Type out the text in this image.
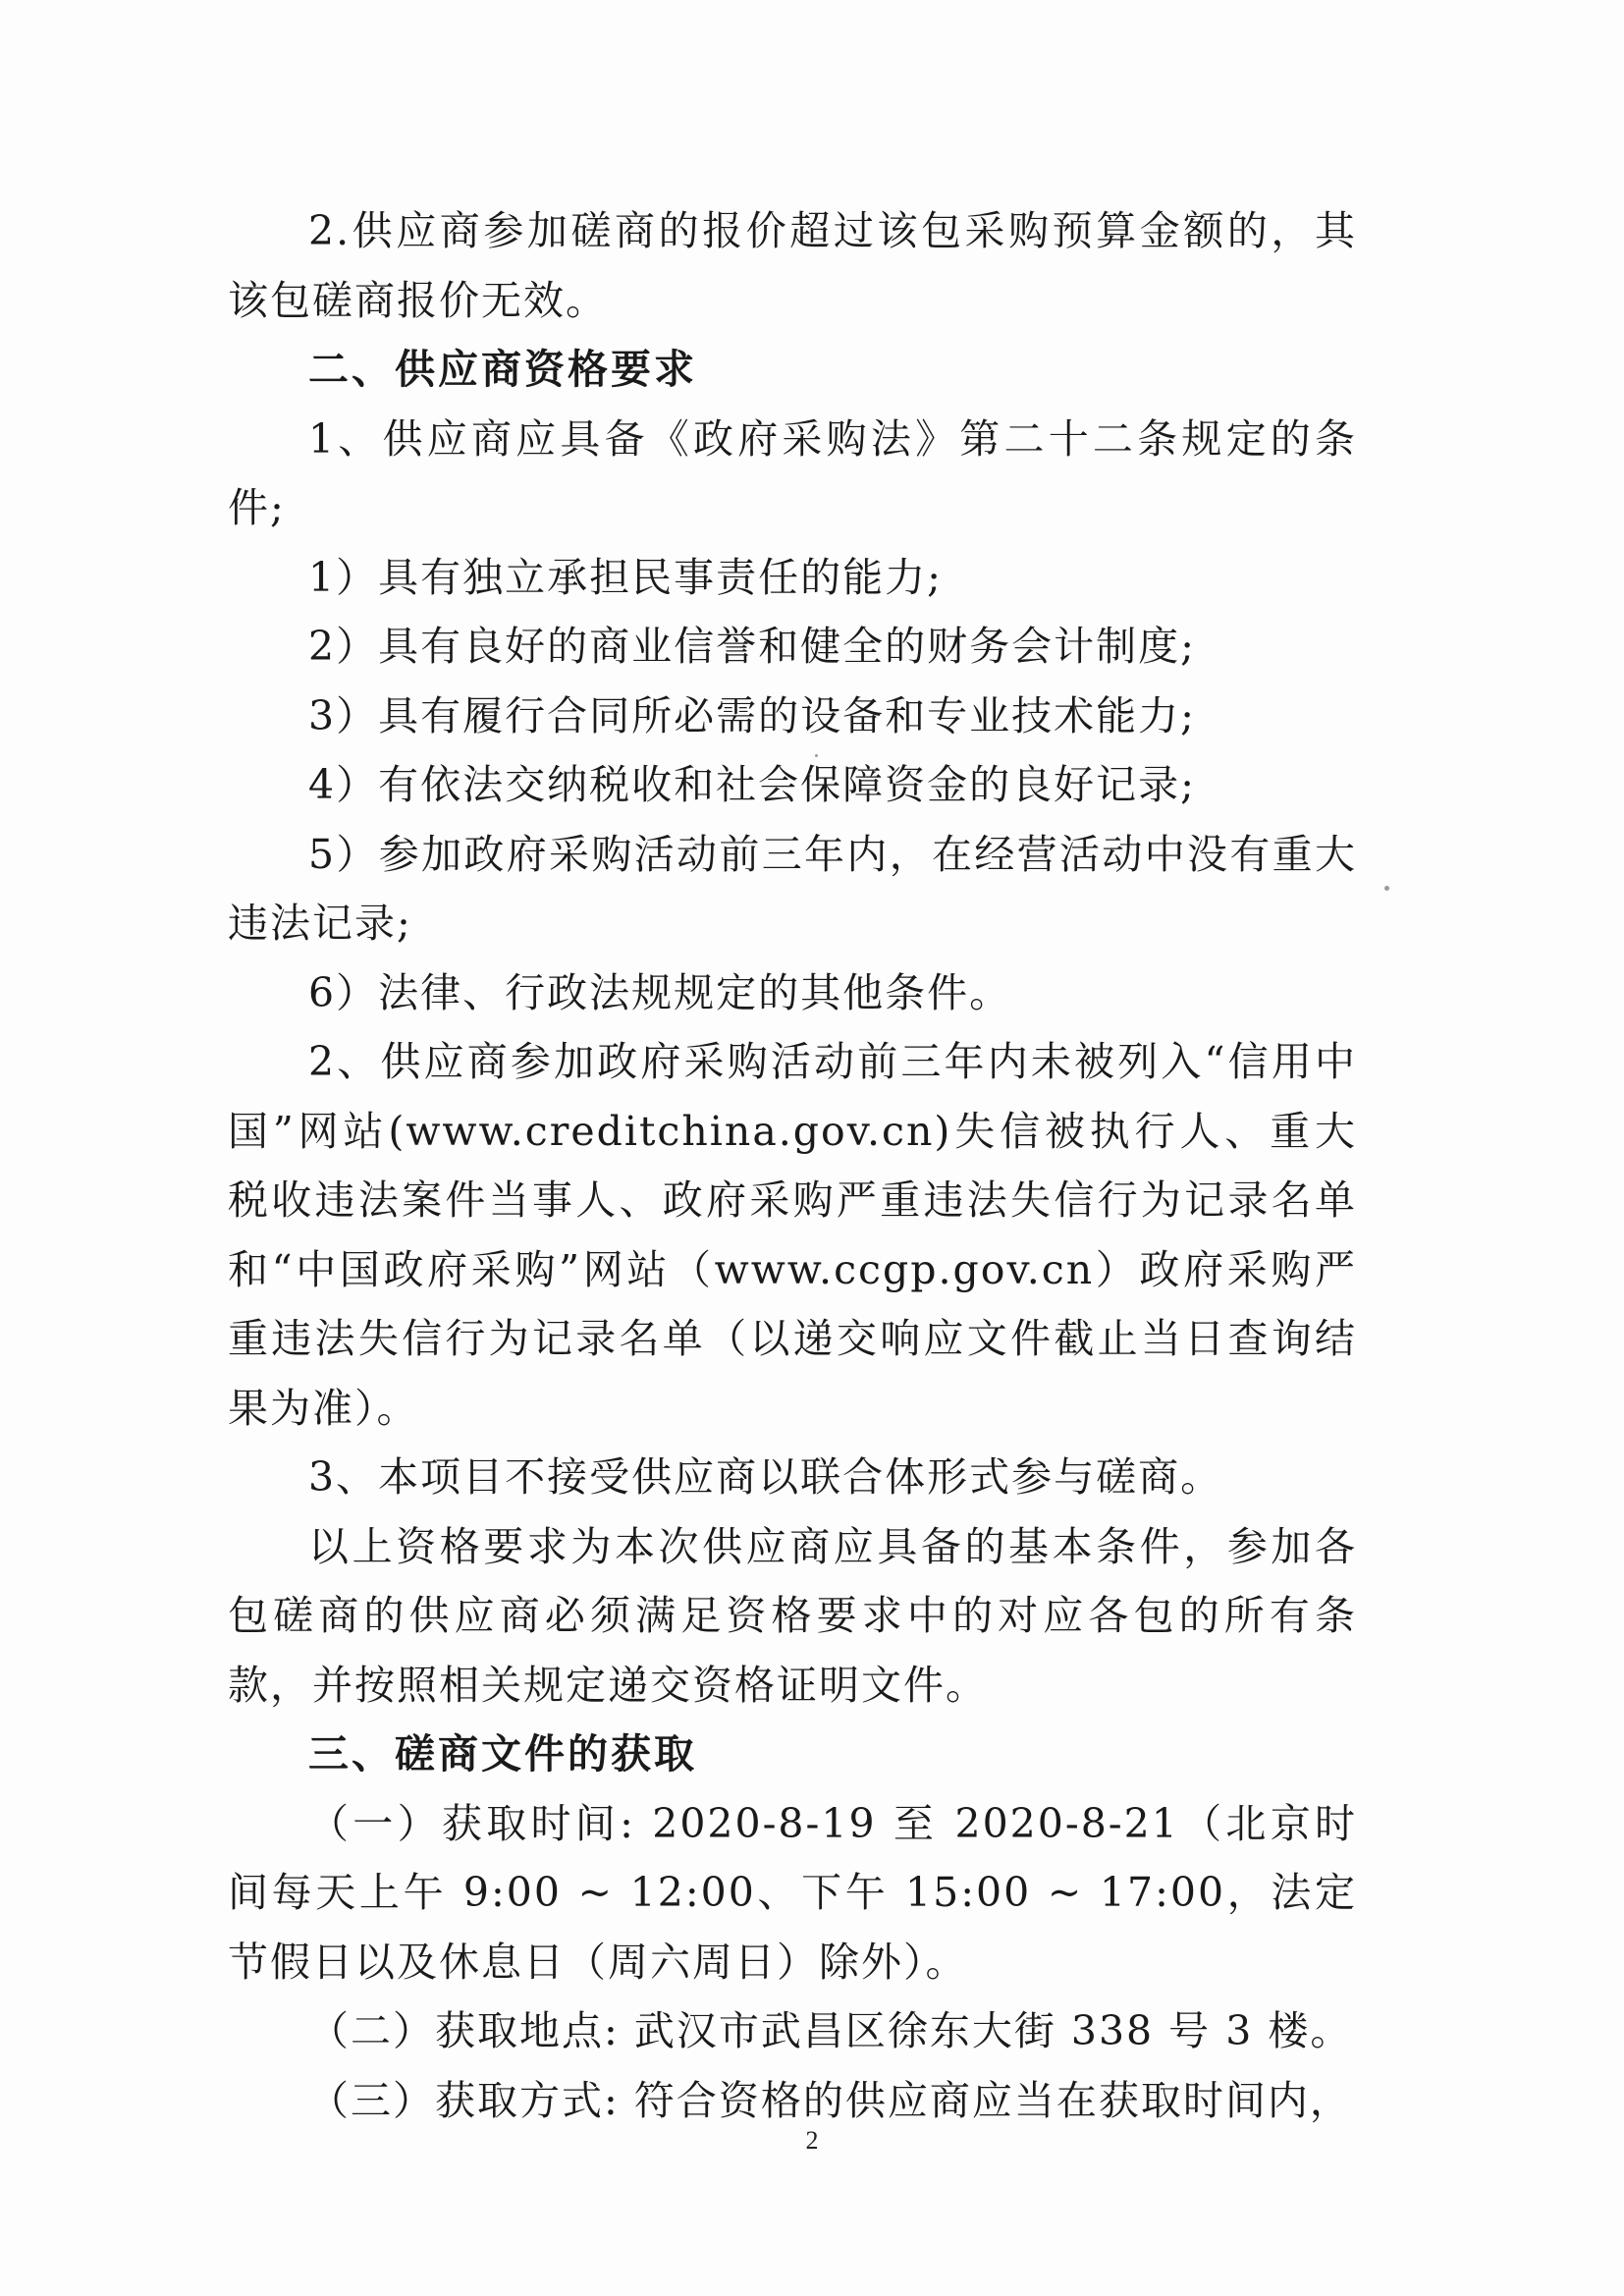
2.供应商参加磋商的报价超过该包采购预算金额的，其该包磋商报价无效。

二、供应商资格要求

1、供应商应具备《政府采购法》第二十二条规定的条件;

1）具有独立承担民事责任的能力;

2）具有良好的商业信誉和健全的财务会计制度;

3）具有履行合同所必需的设备和专业技术能力;

4）有依法交纳税收和社会保障资金的良好记录;

5）参加政府采购活动前三年内，在经营活动中没有重大违法记录;

6）法律、行政法规规定的其他条件。

2、供应商参加政府采购活动前三年内未被列入“信用中国”网站(www.creditchina.gov.cn)失信被执行人、重大税收违法案件当事人、政府采购严重违法失信行为记录名单和“中国政府采购”网站（www.ccgp.gov.cn）政府采购严重违法失信行为记录名单（以递交响应文件截止当日查询结果为准）。

3、本项目不接受供应商以联合体形式参与磋商。

以上资格要求为本次供应商应具备的基本条件，参加各包磋商的供应商必须满足资格要求中的对应各包的所有条款，并按照相关规定递交资格证明文件。

三、磋商文件的获取

（一）获取时间: 2020-8-19 至 2020-8-21（北京时间每天上午 9:00 ~ 12:00、下午 15:00 ~ 17:00，法定节假日以及休息日（周六周日）除外）。

（二）获取地点: 武汉市武昌区徐东大街 338 号 3 楼。

（三）获取方式: 符合资格的供应商应当在获取时间内，

2
